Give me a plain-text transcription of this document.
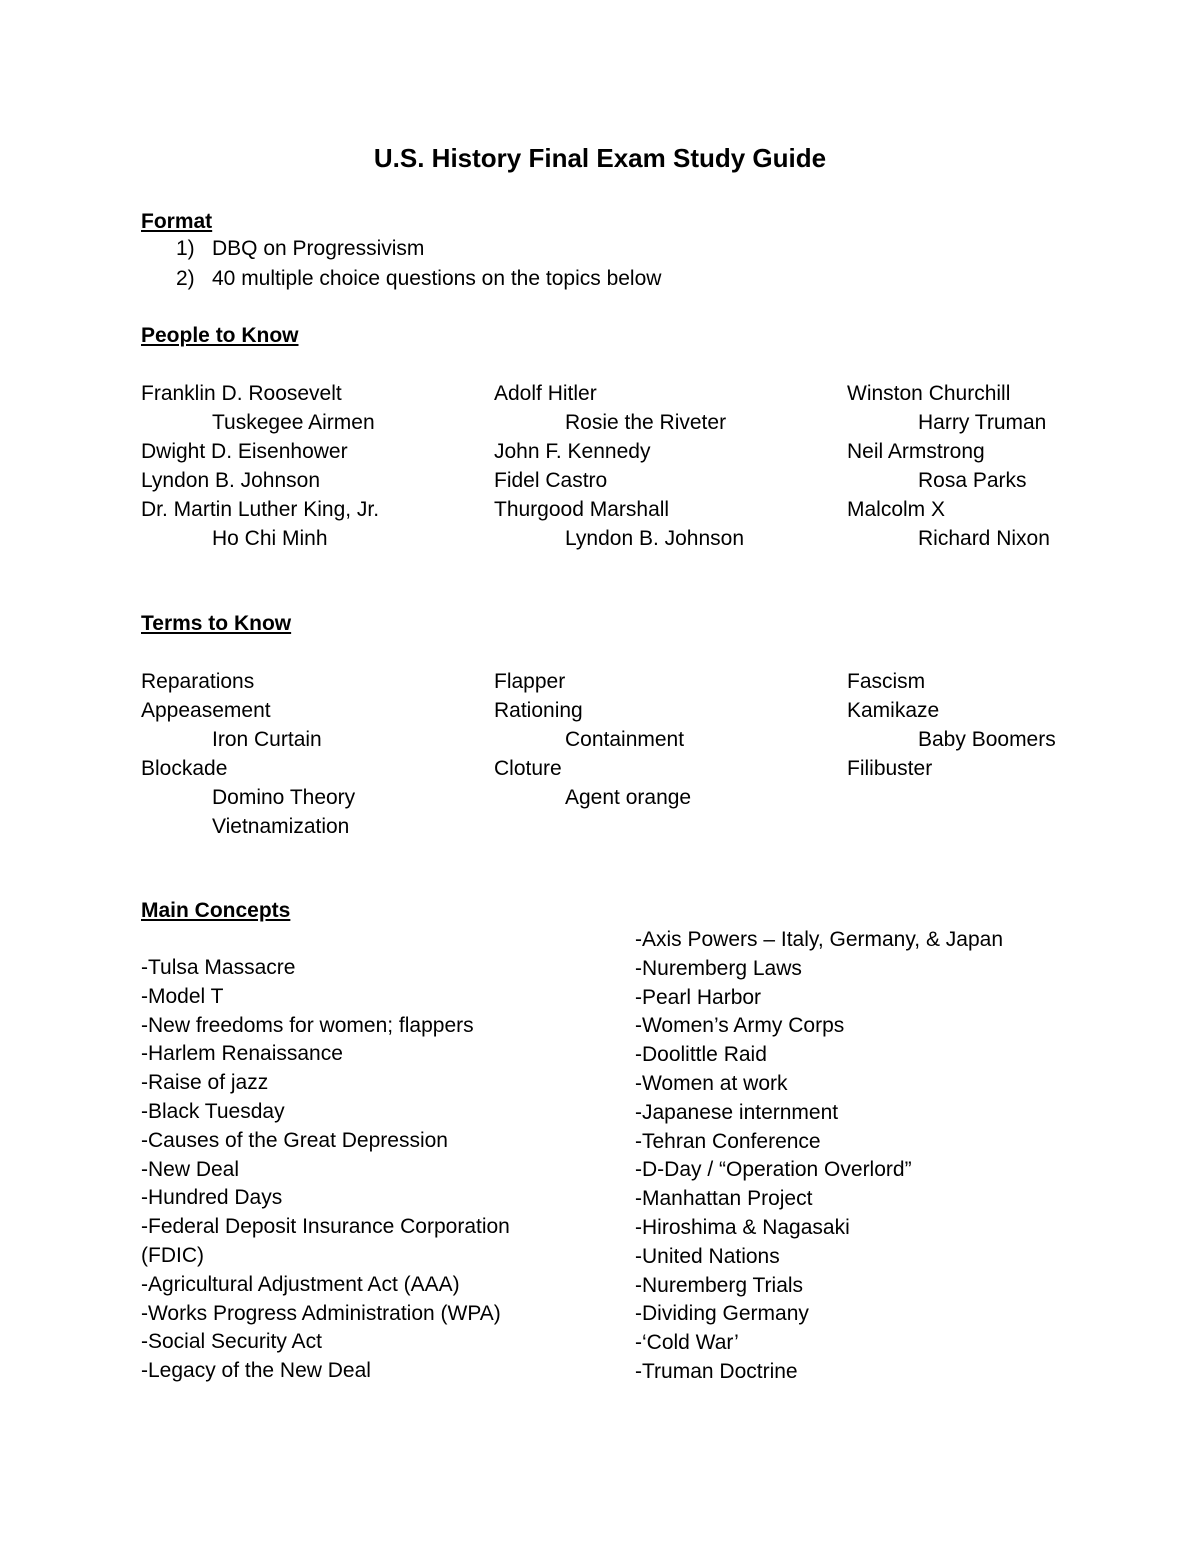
U.S. History Final Exam Study Guide
Format
1) DBQ on Progressivism
2) 40 multiple choice questions on the topics below
People to Know
Franklin D. Roosevelt	Adolf Hitler	Winston Churchill
Tuskegee Airmen	Rosie the Riveter	Harry Truman
Dwight D. Eisenhower	John F. Kennedy	Neil Armstrong
Lyndon B. Johnson	Fidel Castro	Rosa Parks
Dr. Martin Luther King, Jr.	Thurgood Marshall	Malcolm X
Ho Chi Minh	Lyndon B. Johnson	Richard Nixon
Terms to Know
Reparations	Flapper	Fascism
Appeasement	Rationing	Kamikaze
Iron Curtain	Containment	Baby Boomers
Blockade	Cloture	Filibuster
Domino Theory	Agent orange
Vietnamization
Main Concepts
-Tulsa Massacre
-Model T
-New freedoms for women; flappers
-Harlem Renaissance
-Raise of jazz
-Black Tuesday
-Causes of the Great Depression
-New Deal
-Hundred Days
-Federal Deposit Insurance Corporation
(FDIC)
-Agricultural Adjustment Act (AAA)
-Works Progress Administration (WPA)
-Social Security Act
-Legacy of the New Deal
-Axis Powers – Italy, Germany, & Japan
-Nuremberg Laws
-Pearl Harbor
-Women’s Army Corps
-Doolittle Raid
-Women at work
-Japanese internment
-Tehran Conference
-D-Day / “Operation Overlord”
-Manhattan Project
-Hiroshima & Nagasaki
-United Nations
-Nuremberg Trials
-Dividing Germany
-‘Cold War’
-Truman Doctrine
